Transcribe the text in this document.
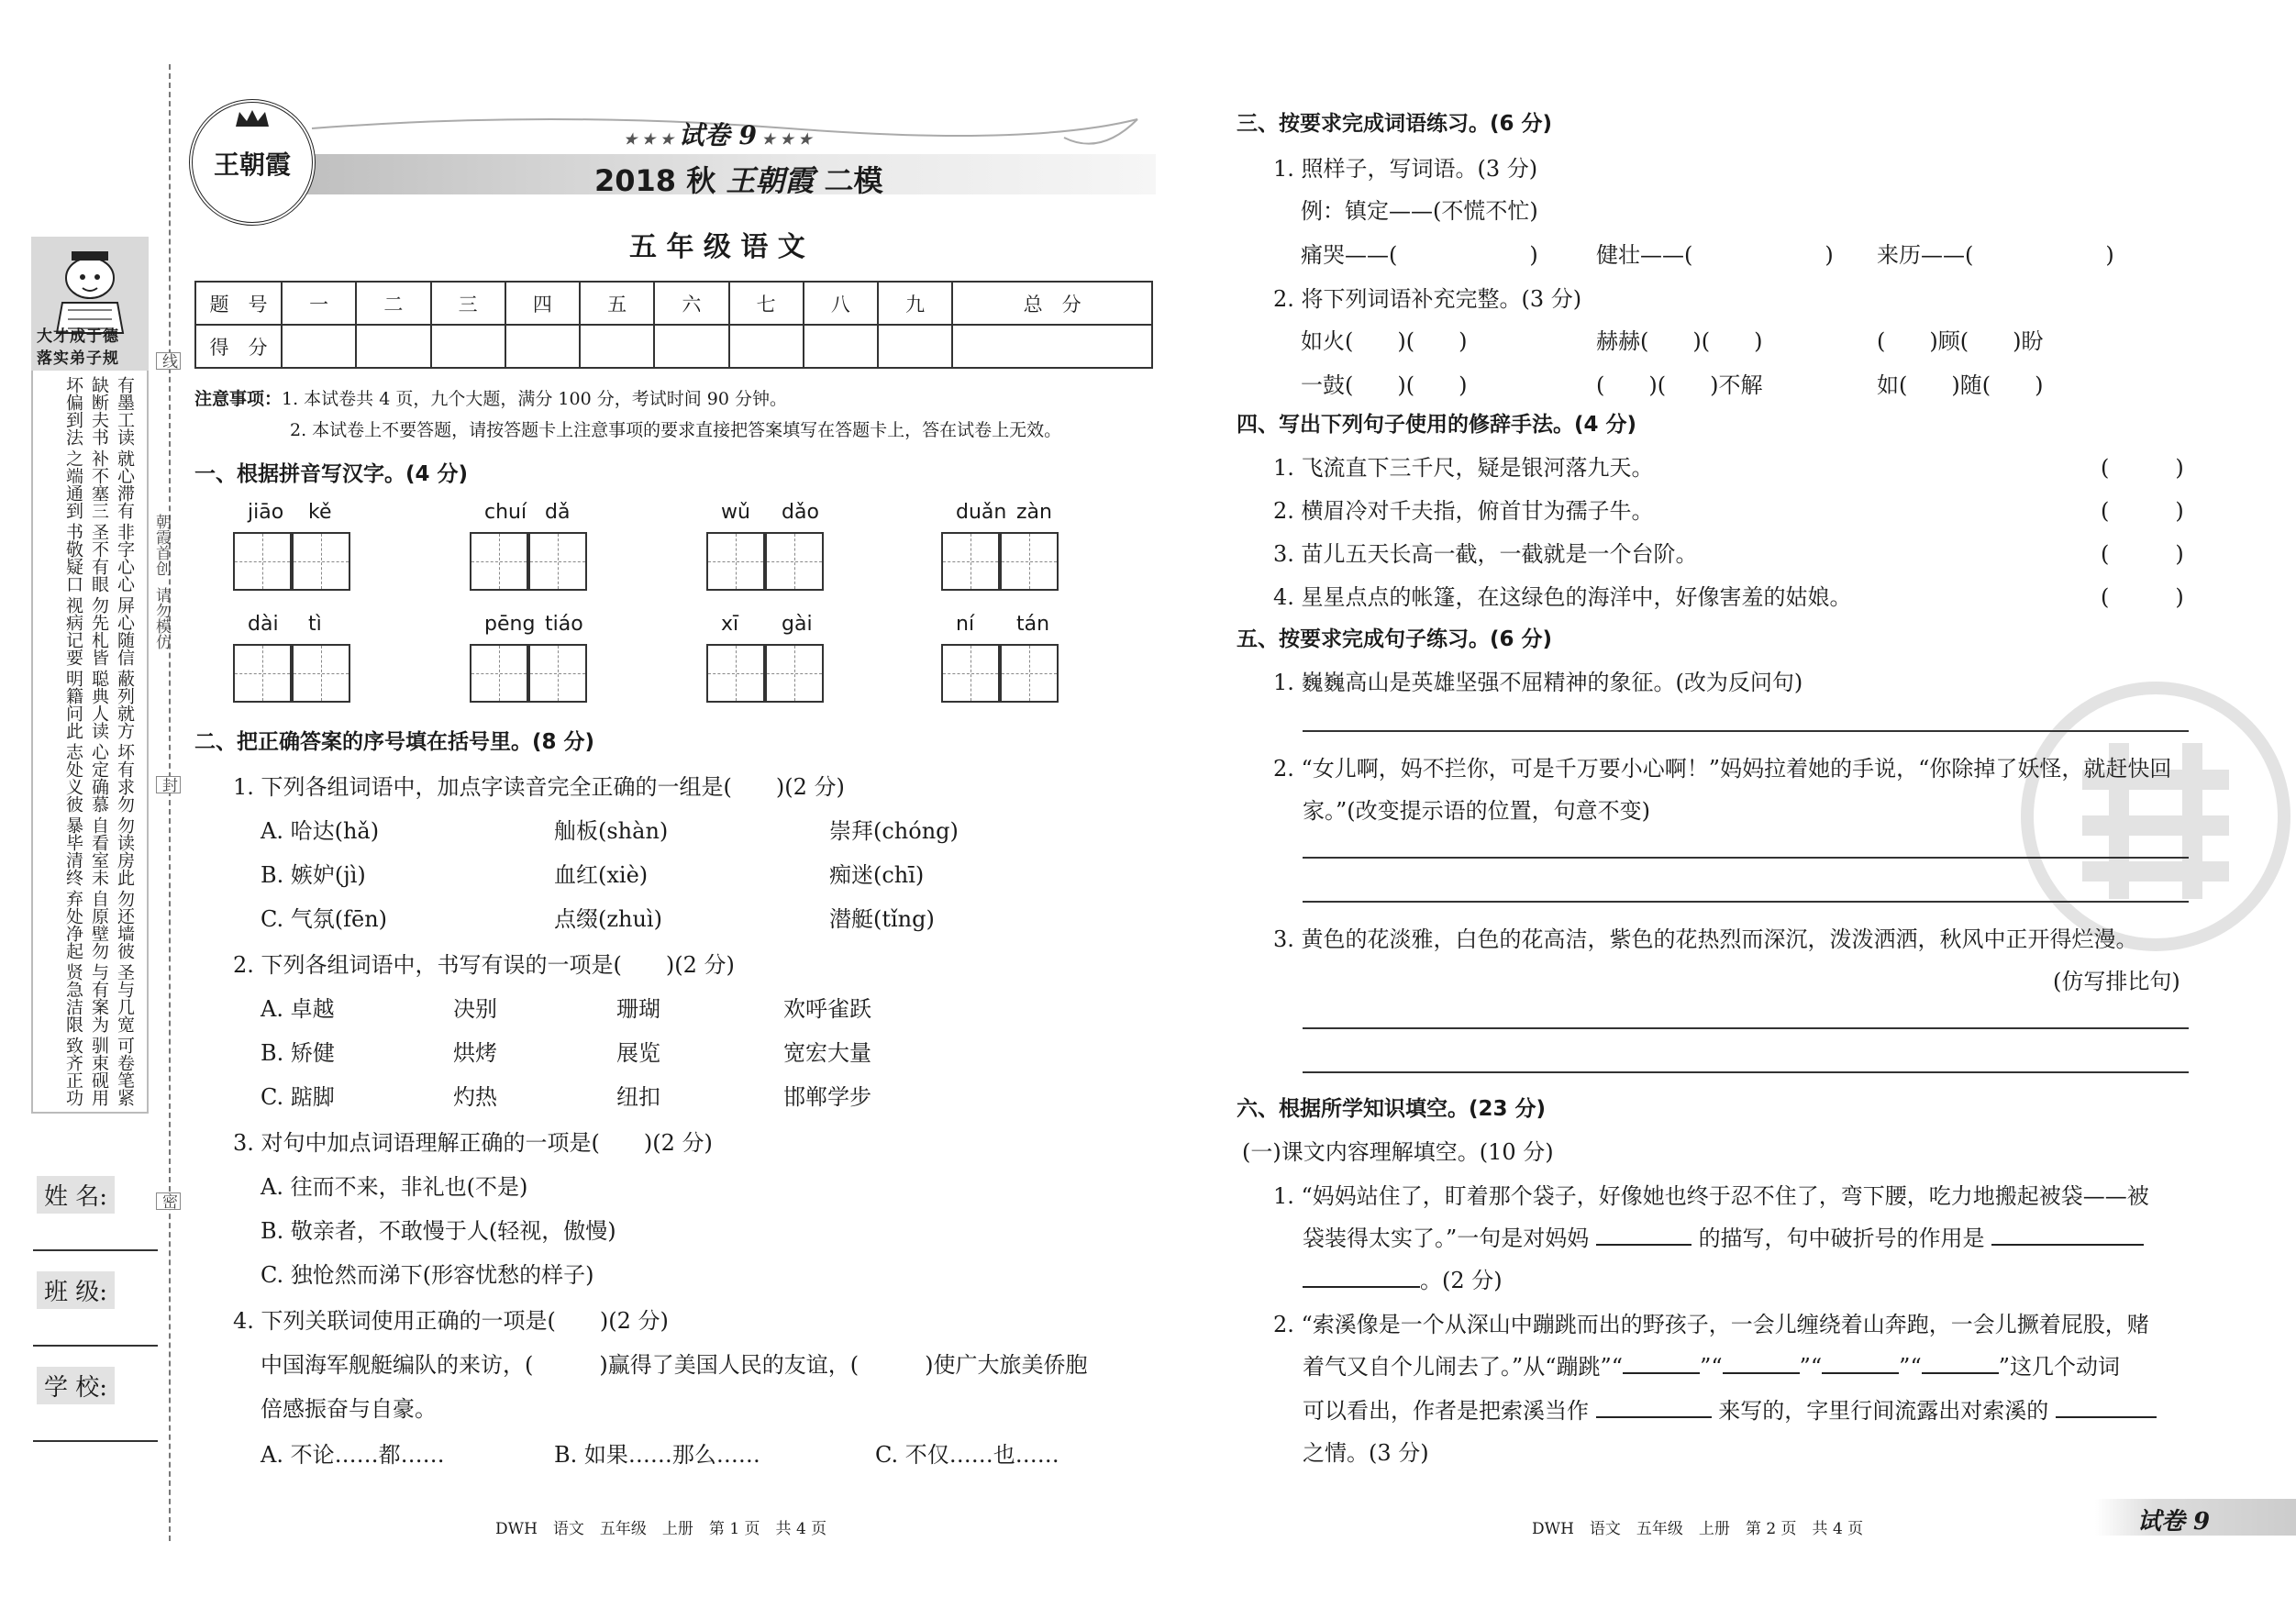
大才成于德
落实弟子规
有墨工读
缺断夫书
坏偏到法
就心滞有
补不塞三
之端通到
非字心心
圣不有眼
书敬疑口
屏心随信
勿先札皆
视病记要
蔽列就方
聪典人读
明籍问此
坏有求勿
心定确慕
志处义彼
勿读房此
自看室未
暴毕清终
勿还墙彼
自原壁勿
弃处净起
圣与几宽
与有案为
贤急洁限
可卷笔紧
驯束砚用
致齐正功
线
朝霞首创
请勿模仿
封
密
姓 名:
班 级:
学 校:
王朝霞
★ ★ ★ 试卷 9 ★ ★ ★
2018 秋 王朝霞 二模
五 年 级 语 文
题　号	一	二	三	四	五	六	七	八	九	总　分
得　分										
注意事项：1. 本试卷共 4 页，九个大题，满分 100 分，考试时间 90 分钟。
2. 本试卷上不要答题，请按答题卡上注意事项的要求直接把答案填写在答题卡上，答在试卷上无效。
一、根据拼音写汉字。(4 分)
jiāo kě	chuí dǎ	wǔ dǎo	duǎn zàn
dài tì	pēng tiáo	xī gài	ní tán
二、把正确答案的序号填在括号里。(8 分)
1. 下列各组词语中，加点字读音完全正确的一组是(　　)(2 分)
A. 哈达(hǎ)	舢板(shàn)	崇拜(chóng)
B. 嫉妒(jì)	血红(xiè)	痴迷(chī)
C. 气氛(fēn)	点缀(zhuì)	潜艇(tǐng)
2. 下列各组词语中，书写有误的一项是(　　)(2 分)
A. 卓越	决别	珊瑚	欢呼雀跃
B. 矫健	烘烤	展览	宽宏大量
C. 踮脚	灼热	纽扣	邯郸学步
3. 对句中加点词语理解正确的一项是(　　)(2 分)
A. 往而不来，非礼也(不是)
B. 敬亲者，不敢慢于人(轻视，傲慢)
C. 独怆然而涕下(形容忧愁的样子)
4. 下列关联词使用正确的一项是(　　)(2 分)
中国海军舰艇编队的来访，(　　　)赢得了美国人民的友谊，(　　　)使广大旅美侨胞
倍感振奋与自豪。
A. 不论……都……	B. 如果……那么……	C. 不仅……也……
DWH　语文　五年级　上册　第 1 页　共 4 页
三、按要求完成词语练习。(6 分)
1. 照样子，写词语。(3 分)
例：镇定——(不慌不忙)
痛哭——(　　　　　　)	健壮——(　　　　　　) 来历——(　　　　　　)
2. 将下列词语补充完整。(3 分)
如火(　　)(　　)	赫赫(　　)(　　)	(　　)顾(　　)盼
一鼓(　　)(　　)	(　　)(　　)不解	如(　　)随(　　)
四、写出下列句子使用的修辞手法。(4 分)
1. 飞流直下三千尺，疑是银河落九天。	(　　　)
2. 横眉冷对千夫指，俯首甘为孺子牛。	(　　　)
3. 苗儿五天长高一截，一截就是一个台阶。	(　　　)
4. 星星点点的帐篷，在这绿色的海洋中，好像害羞的姑娘。	(　　　)
五、按要求完成句子练习。(6 分)
1. 巍巍高山是英雄坚强不屈精神的象征。(改为反问句)
2. “女儿啊，妈不拦你，可是千万要小心啊！”妈妈拉着她的手说，“你除掉了妖怪，就赶快回
家。”(改变提示语的位置，句意不变)
3. 黄色的花淡雅，白色的花高洁，紫色的花热烈而深沉，泼泼洒洒，秋风中正开得烂漫。
(仿写排比句)
六、根据所学知识填空。(23 分)
(一)课文内容理解填空。(10 分)
1. “妈妈站住了，盯着那个袋子，好像她也终于忍不住了，弯下腰，吃力地搬起被袋——被
袋装得太实了。”一句是对妈妈	的描写，句中破折号的作用是
。(2 分)
2. “索溪像是一个从深山中蹦跳而出的野孩子，一会儿缠绕着山奔跑，一会儿撅着屁股，赌
着气又自个儿闹去了。”从“蹦跳”“	”“	”“	”“	”这几个动词
可以看出，作者是把索溪当作	来写的，字里行间流露出对索溪的
之情。(3 分)
DWH　语文　五年级　上册　第 2 页　共 4 页	试卷 9
